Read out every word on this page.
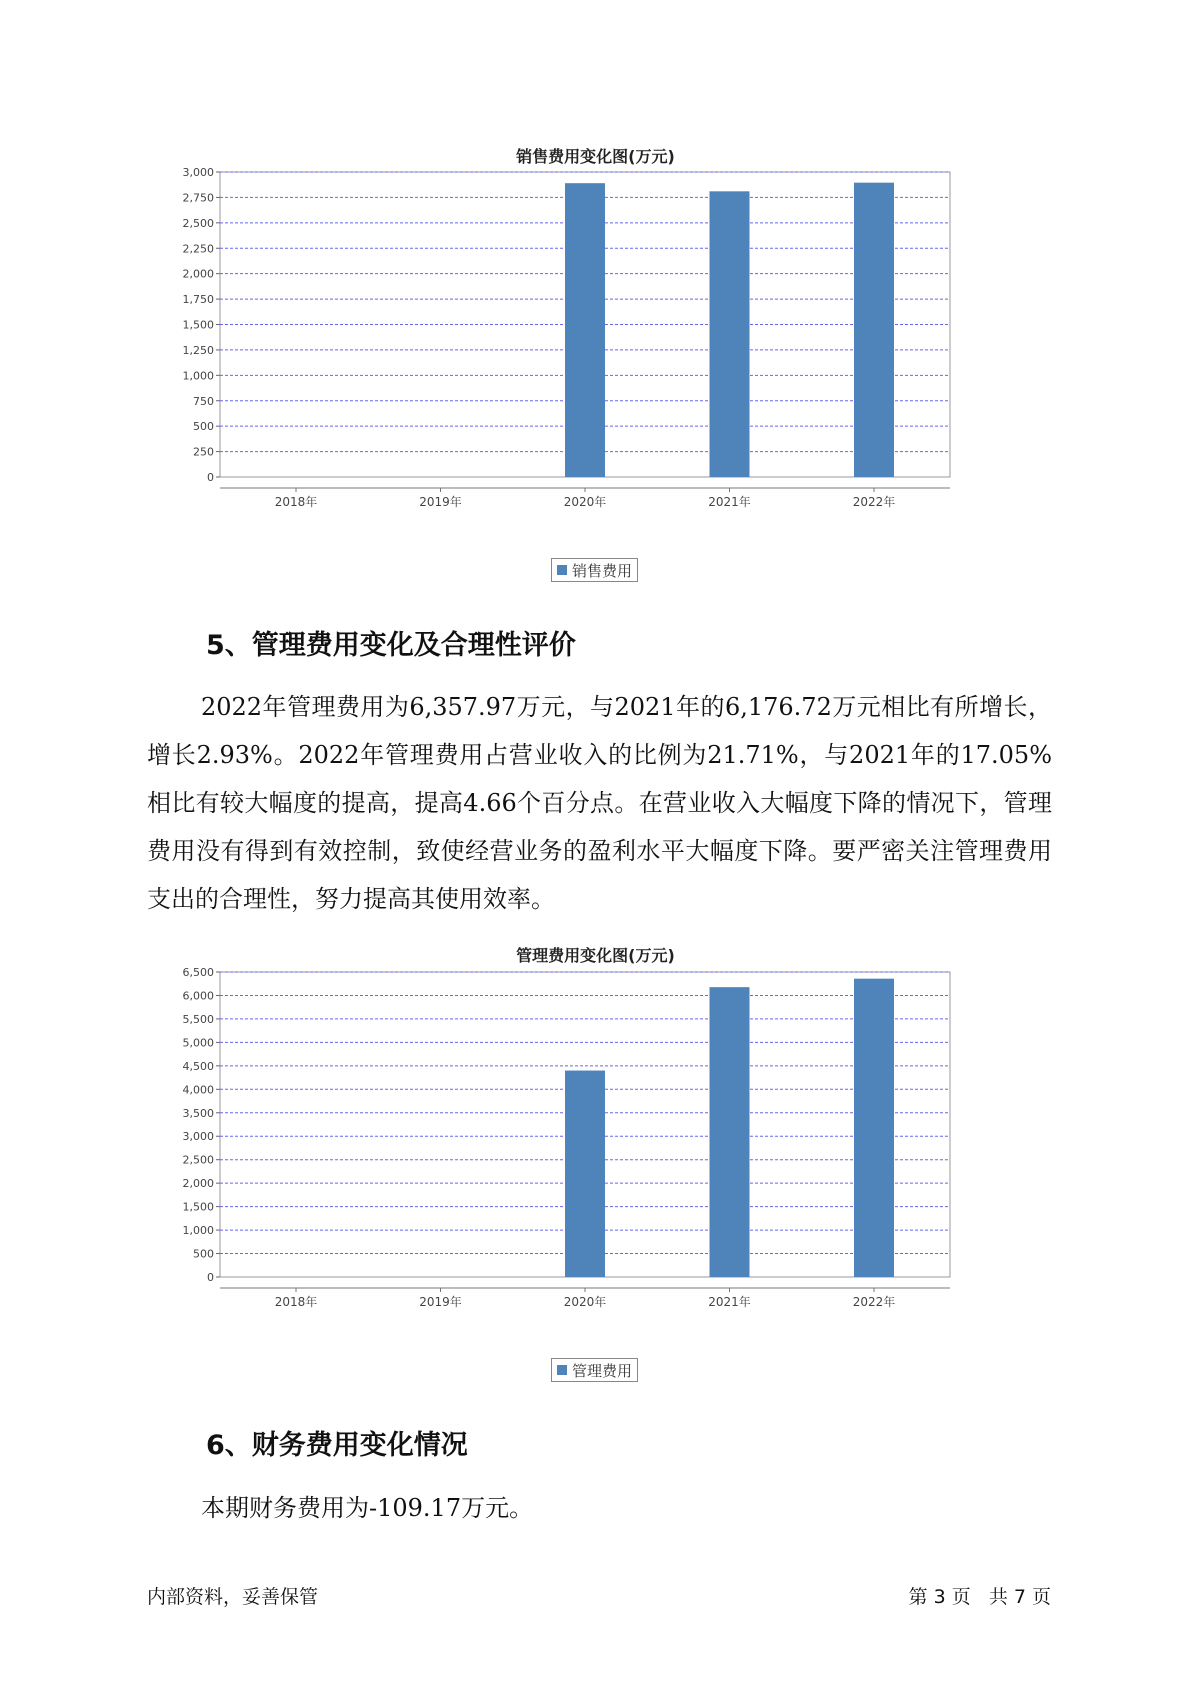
销售费用变化图(万元)
0
250
500
750
1,000
1,250
1,500
1,750
2,000
2,250
2,500
2,750
3,000
2018年	2019年	2020年	2021年	2022年
销售费用
5、管理费用变化及合理性评价

2022年管理费用为6,357.97万元，与2021年的6,176.72万元相比有所增长，增长2.93%。2022年管理费用占营业收入的比例为21.71%，与2021年的17.05%相比有较大幅度的提高，提高4.66个百分点。在营业收入大幅度下降的情况下，管理费用没有得到有效控制，致使经营业务的盈利水平大幅度下降。要严密关注管理费用支出的合理性，努力提高其使用效率。

管理费用变化图(万元)
0
500
1,000
1,500
2,000
2,500
3,000
3,500
4,000
4,500
5,000
5,500
6,000
6,500
2018年	2019年	2020年	2021年	2022年
管理费用
6、财务费用变化情况

本期财务费用为-109.17万元。

内部资料，妥善保管	第 3 页   共 7 页
